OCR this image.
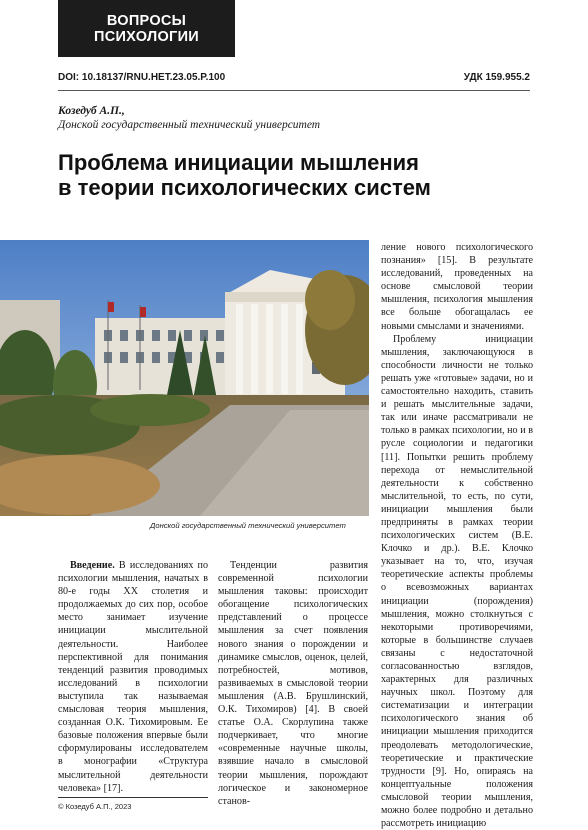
ВОПРОСЫ
ПСИХОЛОГИИ
DOI: 10.18137/RNU.HET.23.05.P.100	УДК 159.955.2
Козедуб А.П.,
Донской государственный технический университет
Проблема инициации мышления
в теории психологических систем
Донской государственный технический университет

Введение. В исследованиях по психологии мышления, начатых в 80-е годы XX столетия и продолжаемых до сих пор, особое место занимает изучение инициации мыслительной деятельности. Наиболее перспективной для понимания тенденций развития проводимых исследований в психологии выступила так называемая смысловая теория мышления, созданная О.К. Тихомировым. Ее базовые положения впервые были сформулированы исследователем в монографии «Структура мыслительной деятельности человека» [17].

Тенденции развития современной психологии мышления таковы: происходит обогащение психологических представлений о процессе мышления за счет появления нового знания о порождении и динамике смыслов, оценок, целей, потребностей, мотивов, развиваемых в смысловой теории мышления (А.В. Брушлинский, О.К. Тихомиров) [4]. В своей статье О.А. Скорлупина также подчеркивает, что многие «современные научные школы, взявшие начало в смысловой теории мышления, порождают логическое и закономерное станов-

ление нового психологического познания» [15]. В результате исследований, проведенных на основе смысловой теории мышления, психология мышления все больше обогащалась ее новыми смыслами и значениями.

Проблему инициации мышления, заключающуюся в способности личности не только решать уже «готовые» задачи, но и самостоятельно находить, ставить и решать мыслительные задачи, так или иначе рассматривали не только в рамках психологии, но и в русле социологии и педагогики [11]. Попытки решить проблему перехода от немыслительной деятельности к собственно мыслительной, то есть, по сути, инициации мышления были предприняты в рамках теории психологических систем (В.Е. Клочко и др.). В.Е. Клочко указывает на то, что, изучая теоретические аспекты проблемы о всевозможных вариантах инициации (порождения) мышления, можно столкнуться с некоторыми противоречиями, которые в большинстве случаев связаны с недостаточной согласованностью взглядов, характерных для различных научных школ. Поэтому для систематизации и интеграции психологического знания об инициации мышления приходится преодолевать методологические, теоретические и практические трудности [9]. Но, опираясь на концептуальные положения смысловой теории мышления, можно более подробно и детально рассмотреть инициацию

© Козедуб А.П., 2023
